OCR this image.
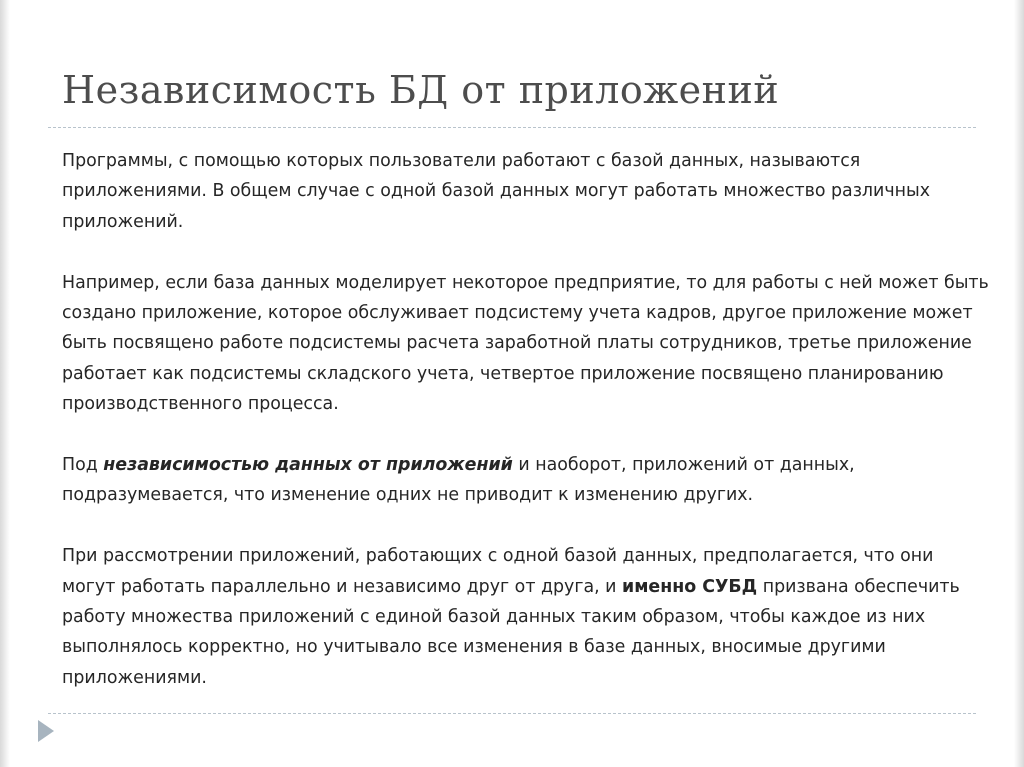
Независимость БД от приложений

Программы, с помощью которых пользователи работают с базой данных, называются приложениями. В общем случае с одной базой данных могут работать множество различных приложений.

Например, если база данных моделирует некоторое предприятие, то для работы с ней может быть создано приложение, которое обслуживает подсистему учета кадров, другое приложение может быть посвящено работе подсистемы расчета заработной платы сотрудников, третье приложение работает как подсистемы складского учета, четвертое приложение посвящено планированию производственного процесса.

Под независимостью данных от приложений и наоборот, приложений от данных, подразумевается, что изменение одних не приводит к изменению других.

При рассмотрении приложений, работающих с одной базой данных, предполагается, что они могут работать параллельно и независимо друг от друга, и именно СУБД призвана обеспечить работу множества приложений с единой базой данных таким образом, чтобы каждое из них выполнялось корректно, но учитывало все изменения в базе данных, вносимые другими приложениями.
